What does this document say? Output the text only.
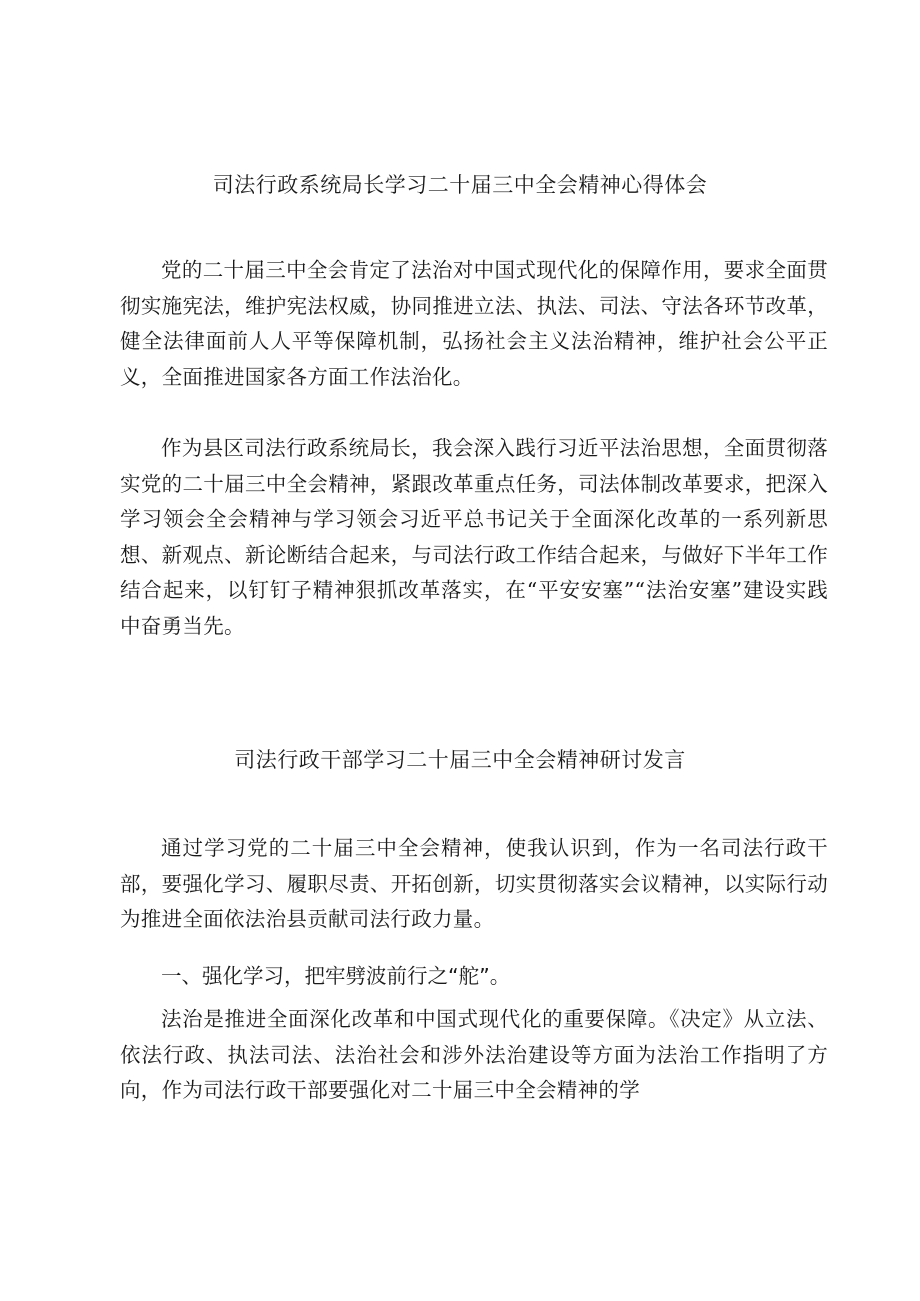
司法行政系统局长学习二十届三中全会精神心得体会

党的二十届三中全会肯定了法治对中国式现代化的保障作用，要求全面贯彻实施宪法，维护宪法权威，协同推进立法、执法、司法、守法各环节改革，健全法律面前人人平等保障机制，弘扬社会主义法治精神，维护社会公平正义，全面推进国家各方面工作法治化。

作为县区司法行政系统局长，我会深入践行习近平法治思想，全面贯彻落实党的二十届三中全会精神，紧跟改革重点任务，司法体制改革要求，把深入学习领会全会精神与学习领会习近平总书记关于全面深化改革的一系列新思想、新观点、新论断结合起来，与司法行政工作结合起来，与做好下半年工作结合起来，以钉钉子精神狠抓改革落实，在“平安安塞”“法治安塞”建设实践中奋勇当先。

司法行政干部学习二十届三中全会精神研讨发言

通过学习党的二十届三中全会精神，使我认识到，作为一名司法行政干部，要强化学习、履职尽责、开拓创新，切实贯彻落实会议精神，以实际行动为推进全面依法治县贡献司法行政力量。

一、强化学习，把牢劈波前行之“舵”。

法治是推进全面深化改革和中国式现代化的重要保障。《决定》从立法、依法行政、执法司法、法治社会和涉外法治建设等方面为法治工作指明了方向，作为司法行政干部要强化对二十届三中全会精神的学
